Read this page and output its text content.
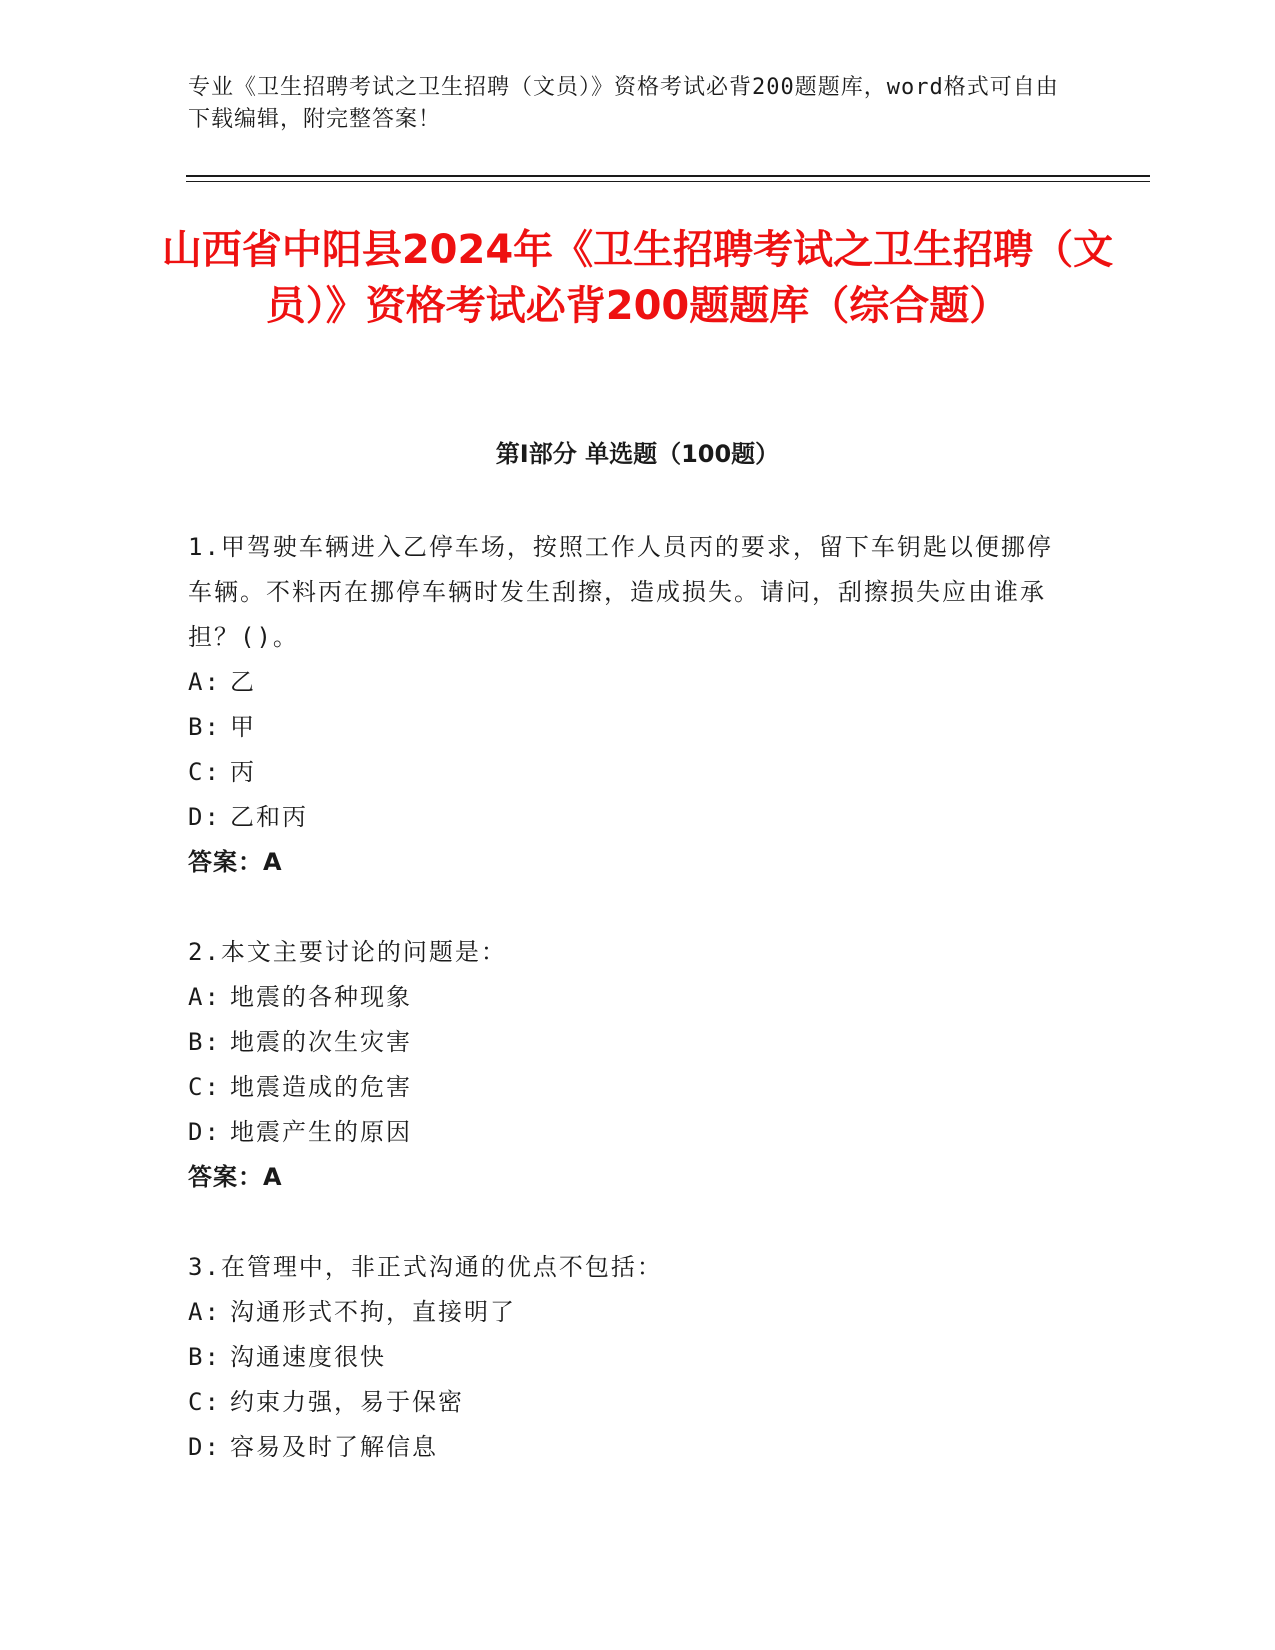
专业《卫生招聘考试之卫生招聘（文员）》资格考试必背200题题库，word格式可自由下载编辑，附完整答案！
山西省中阳县2024年《卫生招聘考试之卫生招聘（文员）》资格考试必背200题题库（综合题）
第I部分 单选题（100题）

1.甲驾驶车辆进入乙停车场，按照工作人员丙的要求，留下车钥匙以便挪停车辆。不料丙在挪停车辆时发生刮擦，造成损失。请问，刮擦损失应由谁承担？()。

A: 乙

B: 甲

C: 丙

D: 乙和丙

答案：A

2.本文主要讨论的问题是：

A: 地震的各种现象

B: 地震的次生灾害

C: 地震造成的危害

D: 地震产生的原因

答案：A

3.在管理中，非正式沟通的优点不包括：

A: 沟通形式不拘，直接明了

B: 沟通速度很快

C: 约束力强，易于保密

D: 容易及时了解信息
